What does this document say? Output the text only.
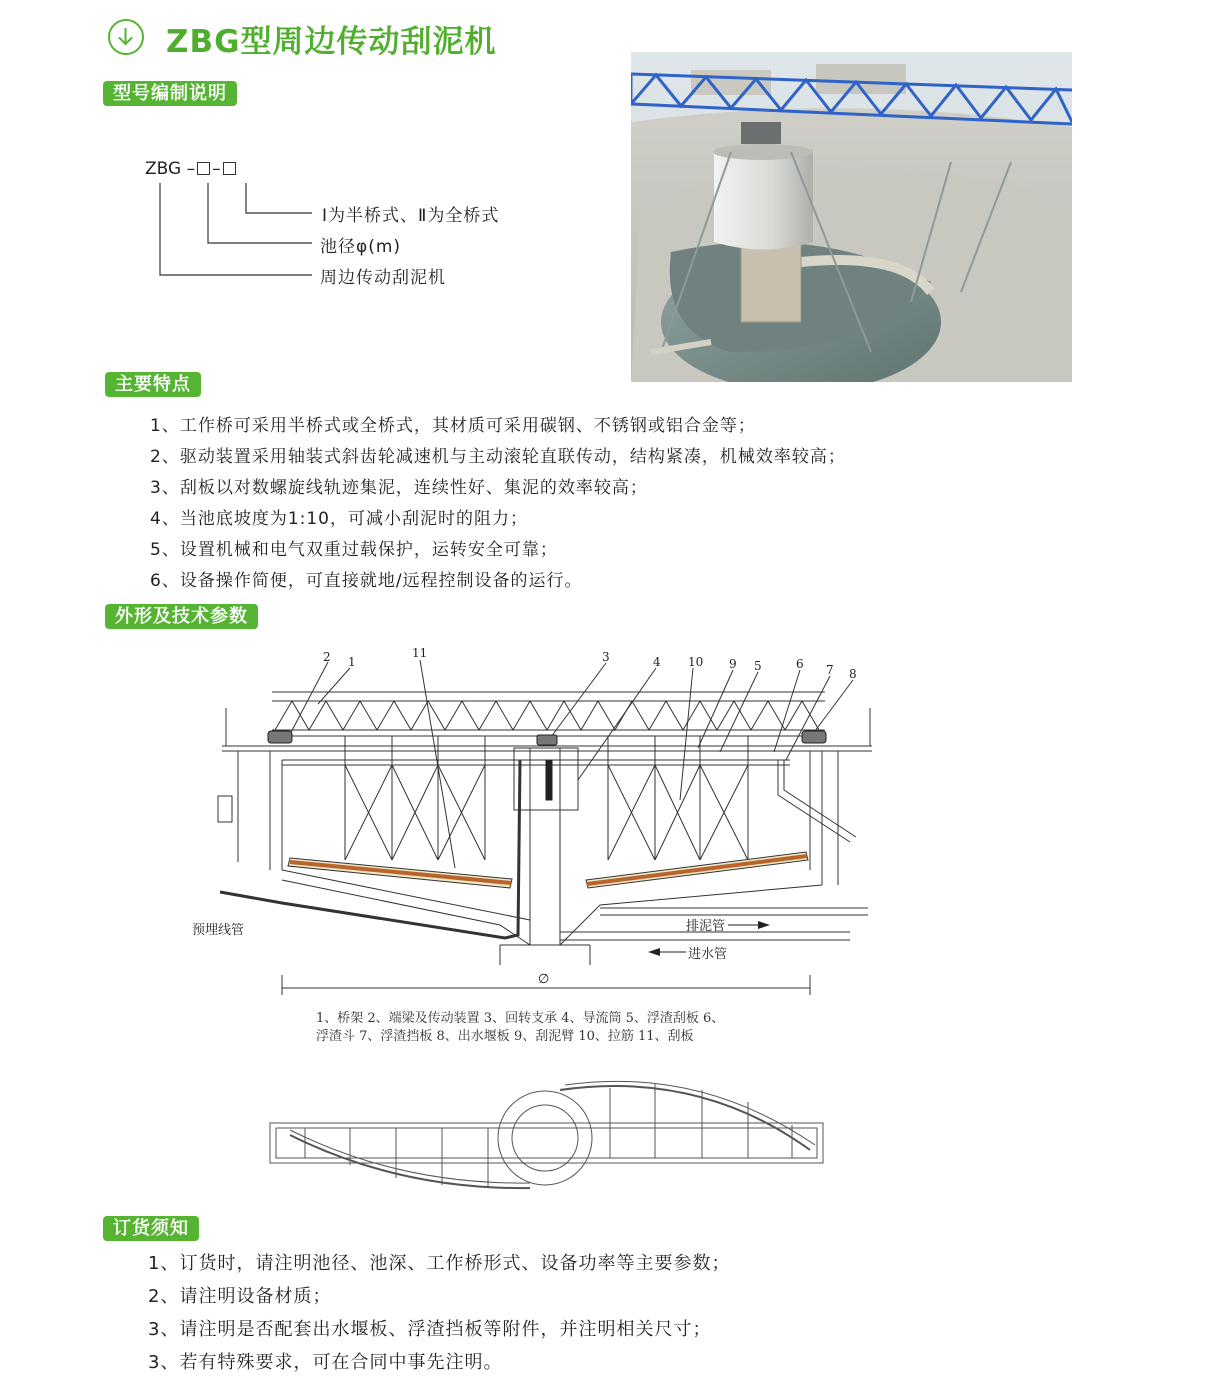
ZBG型周边传动刮泥机
型号编制说明
ZBG – –
Ⅰ为半桥式、Ⅱ为全桥式
池径φ(m)
周边传动刮泥机
主要特点
1、工作桥可采用半桥式或全桥式，其材质可采用碳钢、不锈钢或铝合金等；
2、驱动装置采用轴装式斜齿轮减速机与主动滚轮直联传动，结构紧凑，机械效率较高；
3、刮板以对数螺旋线轨迹集泥，连续性好、集泥的效率较高；
4、当池底坡度为1:10，可减小刮泥时的阻力；
5、设置机械和电气双重过载保护，运转安全可靠；
6、设备操作简便，可直接就地/远程控制设备的运行。
外形及技术参数
2 1
11	3	4 10 9 5	6 7 8
预埋线管	排泥管
进水管
∅
1、桥架 2、端梁及传动装置 3、回转支承 4、导流筒 5、浮渣刮板 6、
浮渣斗 7、浮渣挡板 8、出水堰板 9、刮泥臂 10、拉筋 11、刮板
订货须知
1、订货时，请注明池径、池深、工作桥形式、设备功率等主要参数；
2、请注明设备材质；
3、请注明是否配套出水堰板、浮渣挡板等附件，并注明相关尺寸；
3、若有特殊要求，可在合同中事先注明。
